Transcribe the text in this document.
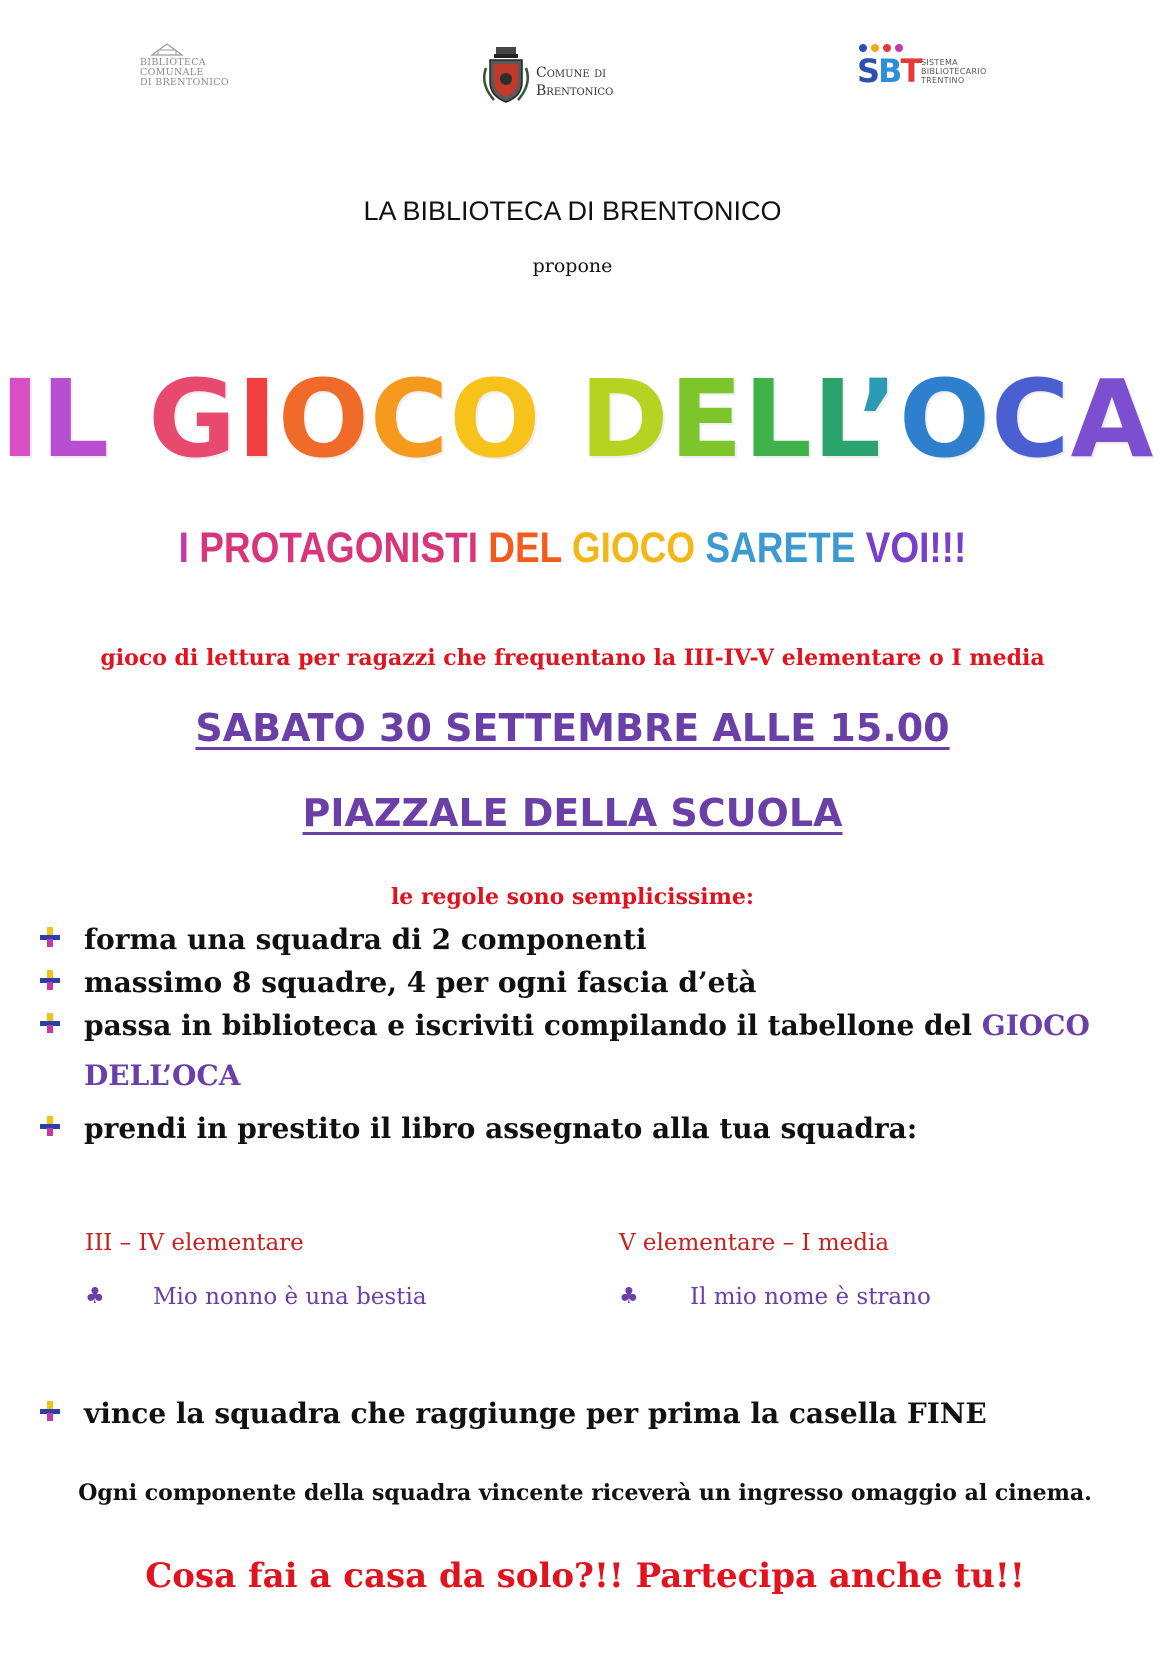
BIBLIOTECA
COMUNALE
DI BRENTONICO
Comune di
Brentonico
SBT SISTEMA
BIBLIOTECARIO
TRENTINO
LA BIBLIOTECA DI BRENTONICO
propone
IL GIOCO DELL’OCA
I PROTAGONISTI DEL GIOCO SARETE VOI!!!
gioco di lettura per ragazzi che frequentano la III-IV-V elementare o I media
SABATO 30 SETTEMBRE ALLE 15.00
PIAZZALE DELLA SCUOLA
le regole sono semplicissime:
forma una squadra di 2 componenti
massimo 8 squadre, 4 per ogni fascia d’età
passa in biblioteca e iscriviti compilando il tabellone del GIOCO DELL’OCA
prendi in prestito il libro assegnato alla tua squadra:
III – IV elementare
♣ Mio nonno è una bestia
V elementare – I media
♣ Il mio nome è strano
vince la squadra che raggiunge per prima la casella FINE
Ogni componente della squadra vincente riceverà un ingresso omaggio al cinema.
Cosa fai a casa da solo?!! Partecipa anche tu!!
